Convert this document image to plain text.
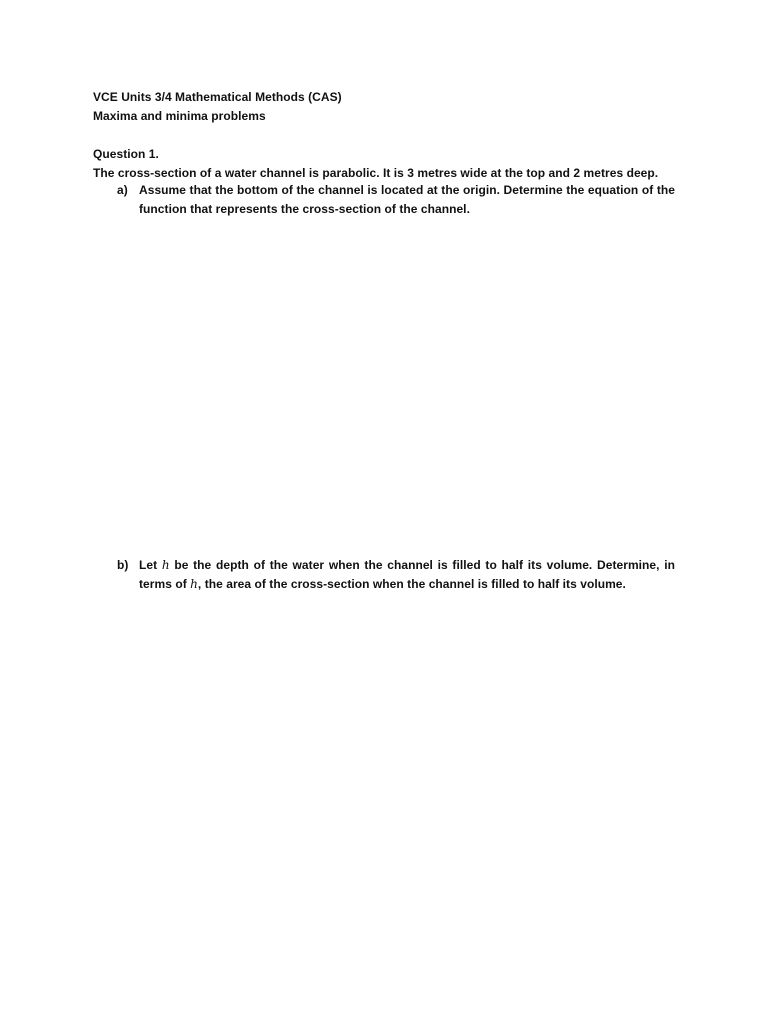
VCE Units 3/4 Mathematical Methods (CAS)
Maxima and minima problems
Question 1.
The cross-section of a water channel is parabolic. It is 3 metres wide at the top and 2 metres deep.
a) Assume that the bottom of the channel is located at the origin. Determine the equation of the function that represents the cross-section of the channel.
b) Let h be the depth of the water when the channel is filled to half its volume. Determine, in terms of h, the area of the cross-section when the channel is filled to half its volume.
